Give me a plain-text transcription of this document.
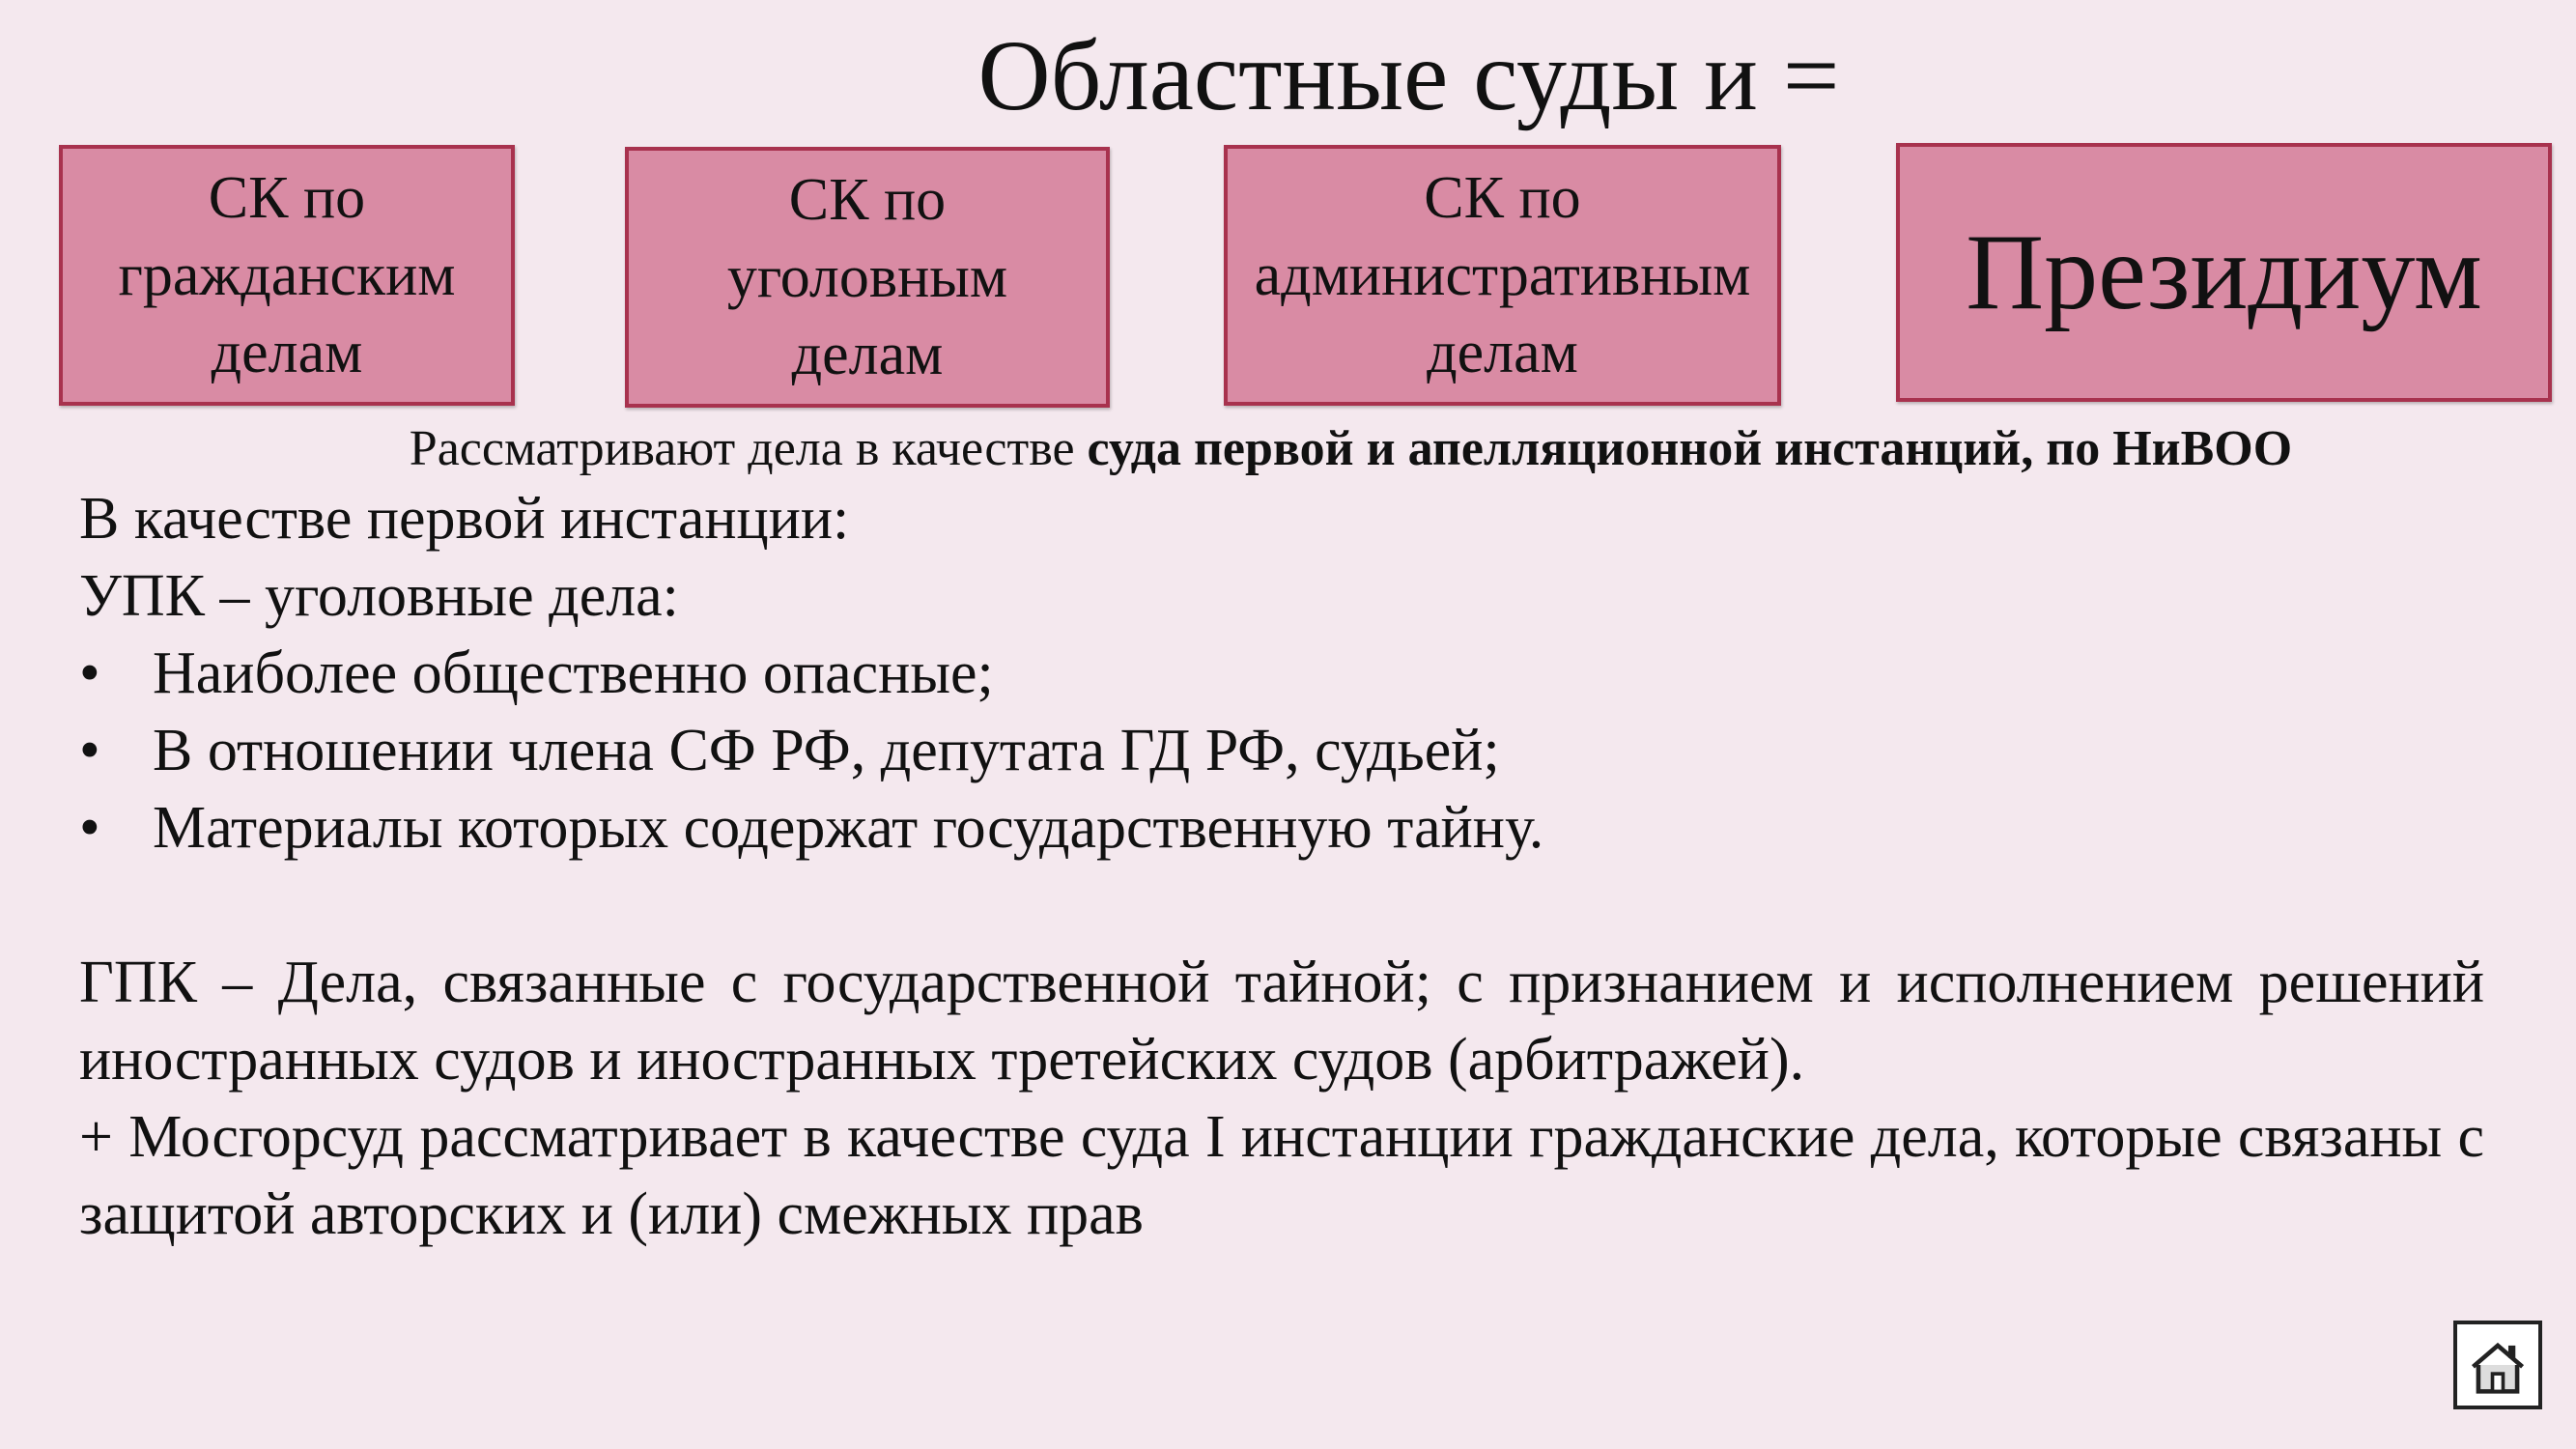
Областные суды и =
СК по
гражданским
делам
СК по
уголовным
делам
СК по
административным
делам
Президиум
Рассматривают дела в качестве суда первой и апелляционной инстанций, по НиВОО
В качестве первой инстанции:
УПК – уголовные дела:
• Наиболее общественно опасные;
• В отношении члена СФ РФ, депутата ГД РФ, судьей;
• Материалы которых содержат государственную тайну.
ГПК – Дела, связанные с государственной тайной; с признанием и исполнением решений иностранных судов и иностранных третейских судов (арбитражей).
+ Мосгорсуд рассматривает в качестве суда I инстанции гражданские дела, которые связаны с защитой авторских и (или) смежных прав
